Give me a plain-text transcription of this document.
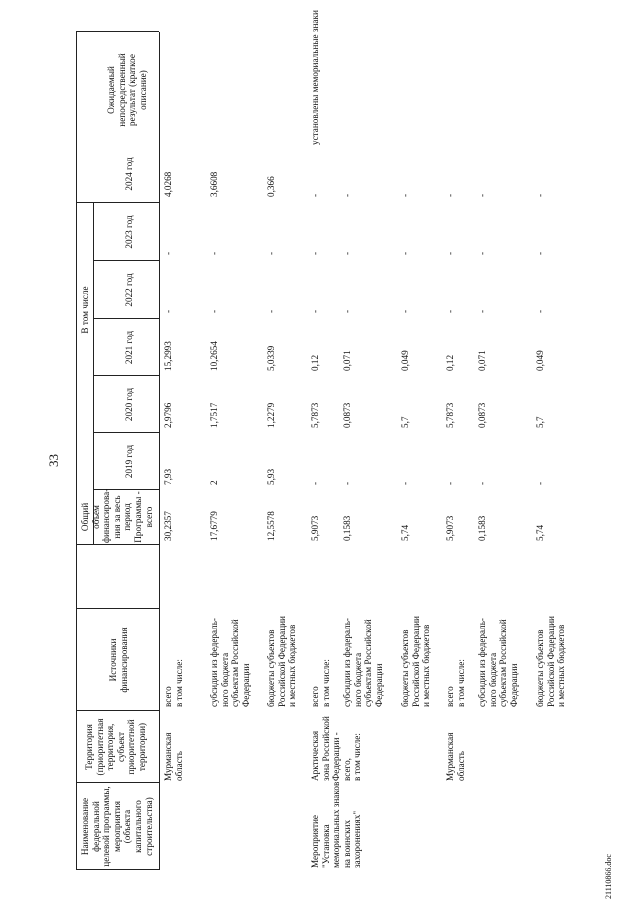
33
Наименование федеральной целевой программы, мероприятия (объекта капитального строительства)
Территория (приоритетная территория, субъект приоритетной территории)
Источники финансирования
Общий объем финансирова- ния за весь период Программы - всего
В том числе
2019 год
2020 год
2021 год
2022 год
2023 год
2024 год
Ожидаемый непосредственный результат (краткое описание)
21110866.doc
Мурманская область
всего
в том числе:
30,2357
7,93
2,9796
15,2993
-
-
4,0268
субсидии из федераль-
ного бюджета
субъектам Российской
Федерации
17,6779
2
1,7517
10,2654
-
-
3,6608
бюджеты субъектов
Российской Федерации
и местных бюджетов
12,5578
5,93
1,2279
5,0339
-
-
0,366
Мероприятие
"Установка
мемориальных знаков
на воинских
захоронениях"
Арктическая
зона Российской
Федерации -
всего,
в том числе:
установлены мемориальные знаки
всего
в том числе:
5,9073
-
5,7873
0,12
-
-
-
субсидии из федераль-
ного бюджета
субъектам Российской
Федерации
0,1583
-
0,0873
0,071
-
-
-
бюджеты субъектов
Российской Федерации
и местных бюджетов
5,74
-
5,7
0,049
-
-
-
Мурманская
область
всего
в том числе:
5,9073
-
5,7873
0,12
-
-
-
субсидии из федераль-
ного бюджета
субъектам Российской
Федерации
0,1583
-
0,0873
0,071
-
-
-
бюджеты субъектов
Российской Федерации
и местных бюджетов
5,74
-
5,7
0,049
-
-
-
